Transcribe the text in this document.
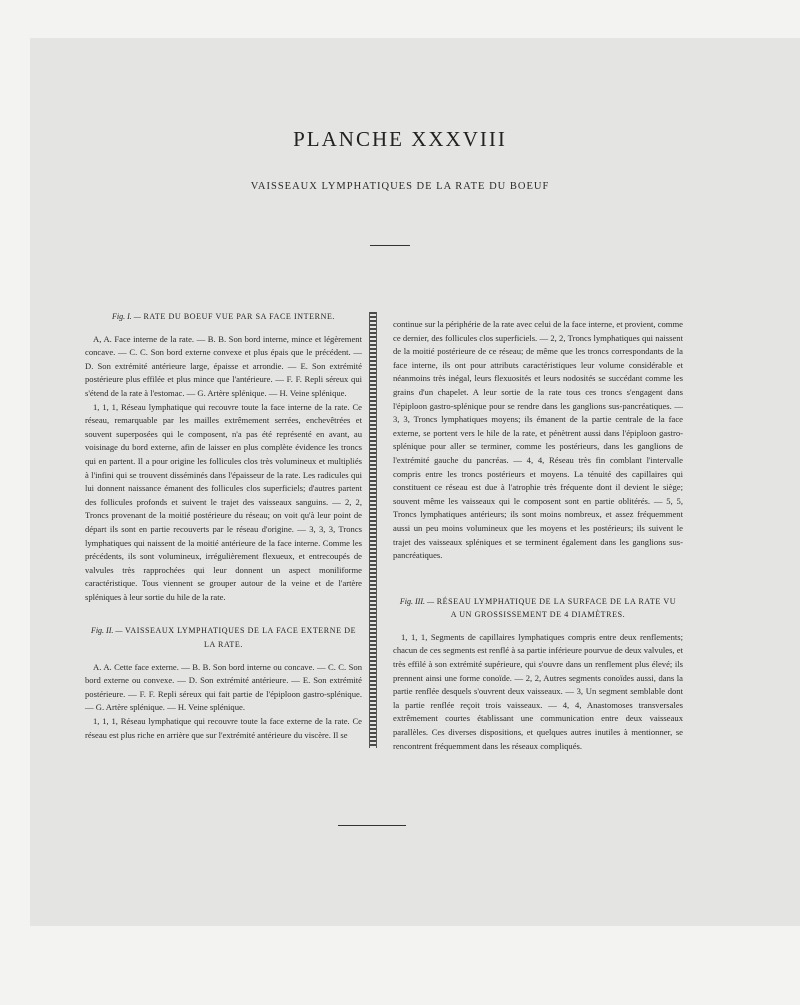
PLANCHE XXXVIII
VAISSEAUX LYMPHATIQUES DE LA RATE DU BOEUF
Fig. I. — RATE DU BOEUF VUE PAR SA FACE INTERNE.

A, A. Face interne de la rate. — B. B. Son bord interne, mince et légèrement concave. — C. C. Son bord externe convexe et plus épais que le précédent. — D. Son extrémité antérieure large, épaisse et arrondie. — E. Son extrémité postérieure plus effilée et plus mince que l'antérieure. — F. F. Repli séreux qui s'étend de la rate à l'estomac. — G. Artère splénique. — H. Veine splénique.

1, 1, 1, Réseau lymphatique qui recouvre toute la face interne de la rate. Ce réseau, remarquable par les mailles extrêmement serrées, enchevêtrées et souvent superposées qui le composent, n'a pas été représenté en avant, au voisinage du bord externe, afin de laisser en plus complète évidence les troncs qui en partent. Il a pour origine les follicules clos très volumineux et multipliés à l'infini qui se trouvent disséminés dans l'épaisseur de la rate. Les radicules qui lui donnent naissance émanent des follicules clos superficiels; d'autres partent des follicules profonds et suivent le trajet des vaisseaux sanguins. — 2, 2, Troncs provenant de la moitié postérieure du réseau; on voit qu'à leur point de départ ils sont en partie recouverts par le réseau d'origine. — 3, 3, 3, Troncs lymphatiques qui naissent de la moitié antérieure de la face interne. Comme les précédents, ils sont volumineux, irrégulièrement flexueux, et entrecoupés de valvules très rapprochées qui leur donnent un aspect moniliforme caractéristique. Tous viennent se grouper autour de la veine et de l'artère spléniques à leur sortie du hile de la rate.

Fig. II. — VAISSEAUX LYMPHATIQUES DE LA FACE EXTERNE DE LA RATE.

A. A. Cette face externe. — B. B. Son bord interne ou concave. — C. C. Son bord externe ou convexe. — D. Son extrémité antérieure. — E. Son extrémité postérieure. — F. F. Repli séreux qui fait partie de l'épiploon gastro-splénique. — G. Artère splénique. — H. Veine splénique.

1, 1, 1, Réseau lymphatique qui recouvre toute la face externe de la rate. Ce réseau est plus riche en arrière que sur l'extrémité antérieure du viscère. Il se

continue sur la périphérie de la rate avec celui de la face interne, et provient, comme ce dernier, des follicules clos superficiels. — 2, 2, Troncs lymphatiques qui naissent de la moitié postérieure de ce réseau; de même que les troncs correspondants de la face interne, ils ont pour attributs caractéristiques leur volume considérable et néanmoins très inégal, leurs flexuosités et leurs nodosités se succédant comme les grains d'un chapelet. A leur sortie de la rate tous ces troncs s'engagent dans l'épiploon gastro-splénique pour se rendre dans les ganglions sus-pancréatiques. — 3, 3, Troncs lymphatiques moyens; ils émanent de la partie centrale de la face externe, se portent vers le hile de la rate, et pénètrent aussi dans l'épiploon gastro-splénique pour aller se terminer, comme les postérieurs, dans les ganglions de l'extrémité gauche du pancréas. — 4, 4, Réseau très fin comblant l'intervalle compris entre les troncs postérieurs et moyens. La ténuité des capillaires qui constituent ce réseau est due à l'atrophie très fréquente dont il devient le siège; souvent même les vaisseaux qui le composent sont en partie oblitérés. — 5, 5, Troncs lymphatiques antérieurs; ils sont moins nombreux, et assez fréquemment aussi un peu moins volumineux que les moyens et les postérieurs; ils suivent le trajet des vaisseaux spléniques et se terminent également dans les ganglions sus-pancréatiques.

Fig. III. — RÉSEAU LYMPHATIQUE DE LA SURFACE DE LA RATE VU
A UN GROSSISSEMENT DE 4 DIAMÈTRES.

1, 1, 1, Segments de capillaires lymphatiques compris entre deux renflements; chacun de ces segments est renflé à sa partie inférieure pourvue de deux valvules, et très effilé à son extrémité supérieure, qui s'ouvre dans un renflement plus élevé; ils prennent ainsi une forme conoïde. — 2, 2, Autres segments conoïdes aussi, dans la partie renflée desquels s'ouvrent deux vaisseaux. — 3, Un segment semblable dont la partie renflée reçoit trois vaisseaux. — 4, 4, Anastomoses transversales extrêmement courtes établissant une communication entre deux vaisseaux parallèles. Ces diverses dispositions, et quelques autres inutiles à mentionner, se rencontrent fréquemment dans les réseaux compliqués.
